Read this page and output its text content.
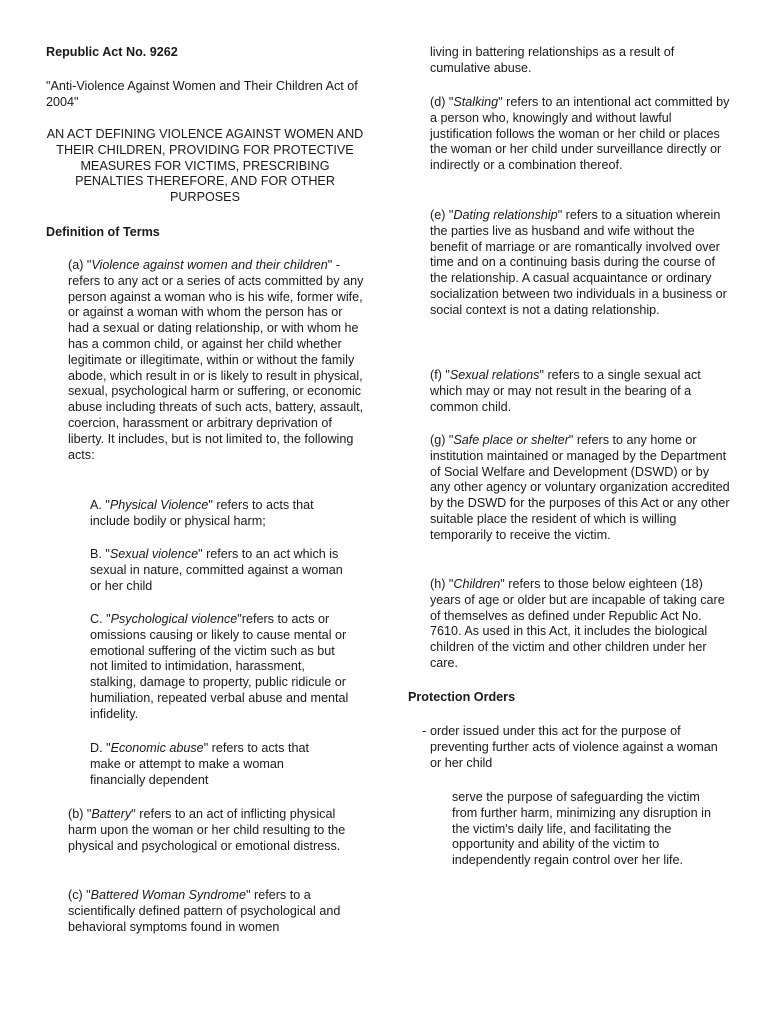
Republic Act No. 9262

"Anti-Violence Against Women and Their Children Act of 2004"

AN ACT DEFINING VIOLENCE AGAINST WOMEN AND THEIR CHILDREN, PROVIDING FOR PROTECTIVE MEASURES FOR VICTIMS, PRESCRIBING PENALTIES THEREFORE, AND FOR OTHER PURPOSES

Definition of Terms

(a) "Violence against women and their children" - refers to any act or a series of acts committed by any person against a woman who is his wife, former wife, or against a woman with whom the person has or had a sexual or dating relationship, or with whom he has a common child, or against her child whether legitimate or illegitimate, within or without the family abode, which result in or is likely to result in physical, sexual, psychological harm or suffering, or economic abuse including threats of such acts, battery, assault, coercion, harassment or arbitrary deprivation of liberty. It includes, but is not limited to, the following acts:

A. "Physical Violence" refers to acts that include bodily or physical harm;

B. "Sexual violence" refers to an act which is sexual in nature, committed against a woman or her child

C. "Psychological violence"refers to acts or omissions causing or likely to cause mental or emotional suffering of the victim such as but not limited to intimidation, harassment, stalking, damage to property, public ridicule or humiliation, repeated verbal abuse and mental infidelity.

D. "Economic abuse" refers to acts that make or attempt to make a woman financially dependent

(b) "Battery" refers to an act of inflicting physical harm upon the woman or her child resulting to the physical and psychological or emotional distress.

(c) "Battered Woman Syndrome" refers to a scientifically defined pattern of psychological and behavioral symptoms found in women

living in battering relationships as a result of cumulative abuse.

(d) "Stalking" refers to an intentional act committed by a person who, knowingly and without lawful justification follows the woman or her child or places the woman or her child under surveillance directly or indirectly or a combination thereof.

(e) "Dating relationship" refers to a situation wherein the parties live as husband and wife without the benefit of marriage or are romantically involved over time and on a continuing basis during the course of the relationship. A casual acquaintance or ordinary socialization between two individuals in a business or social context is not a dating relationship.

(f) "Sexual relations" refers to a single sexual act which may or may not result in the bearing of a common child.

(g) "Safe place or shelter" refers to any home or institution maintained or managed by the Department of Social Welfare and Development (DSWD) or by any other agency or voluntary organization accredited by the DSWD for the purposes of this Act or any other suitable place the resident of which is willing temporarily to receive the victim.

(h) "Children" refers to those below eighteen (18) years of age or older but are incapable of taking care of themselves as defined under Republic Act No. 7610. As used in this Act, it includes the biological children of the victim and other children under her care.

Protection Orders

- order issued under this act for the purpose of preventing further acts of violence against a woman or her child

serve the purpose of safeguarding the victim from further harm, minimizing any disruption in the victim's daily life, and facilitating the opportunity and ability of the victim to independently regain control over her life.
